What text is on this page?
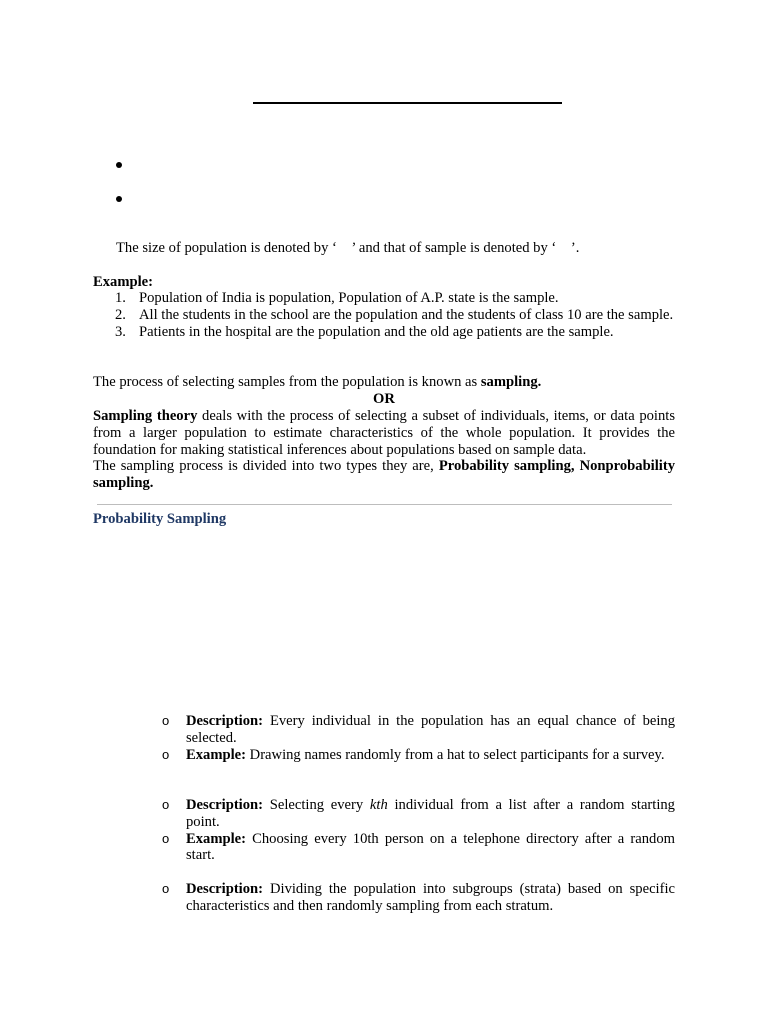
The size of population is denoted by ‘ ’ and that of sample is denoted by ‘ ’.
Example:
1. Population of India is population, Population of A.P. state is the sample.
2. All the students in the school are the population and the students of class 10 are the sample.
3. Patients in the hospital are the population and the old age patients are the sample.
The process of selecting samples from the population is known as sampling.
OR
Sampling theory deals with the process of selecting a subset of individuals, items, or data points from a larger population to estimate characteristics of the whole population. It provides the foundation for making statistical inferences about populations based on sample data.
The sampling process is divided into two types they are, Probability sampling, Nonprobability sampling.
Probability Sampling
o Description: Every individual in the population has an equal chance of being selected.
o Example: Drawing names randomly from a hat to select participants for a survey.
o Description: Selecting every kth individual from a list after a random starting point.
o Example: Choosing every 10th person on a telephone directory after a random start.
o Description: Dividing the population into subgroups (strata) based on specific characteristics and then randomly sampling from each stratum.
